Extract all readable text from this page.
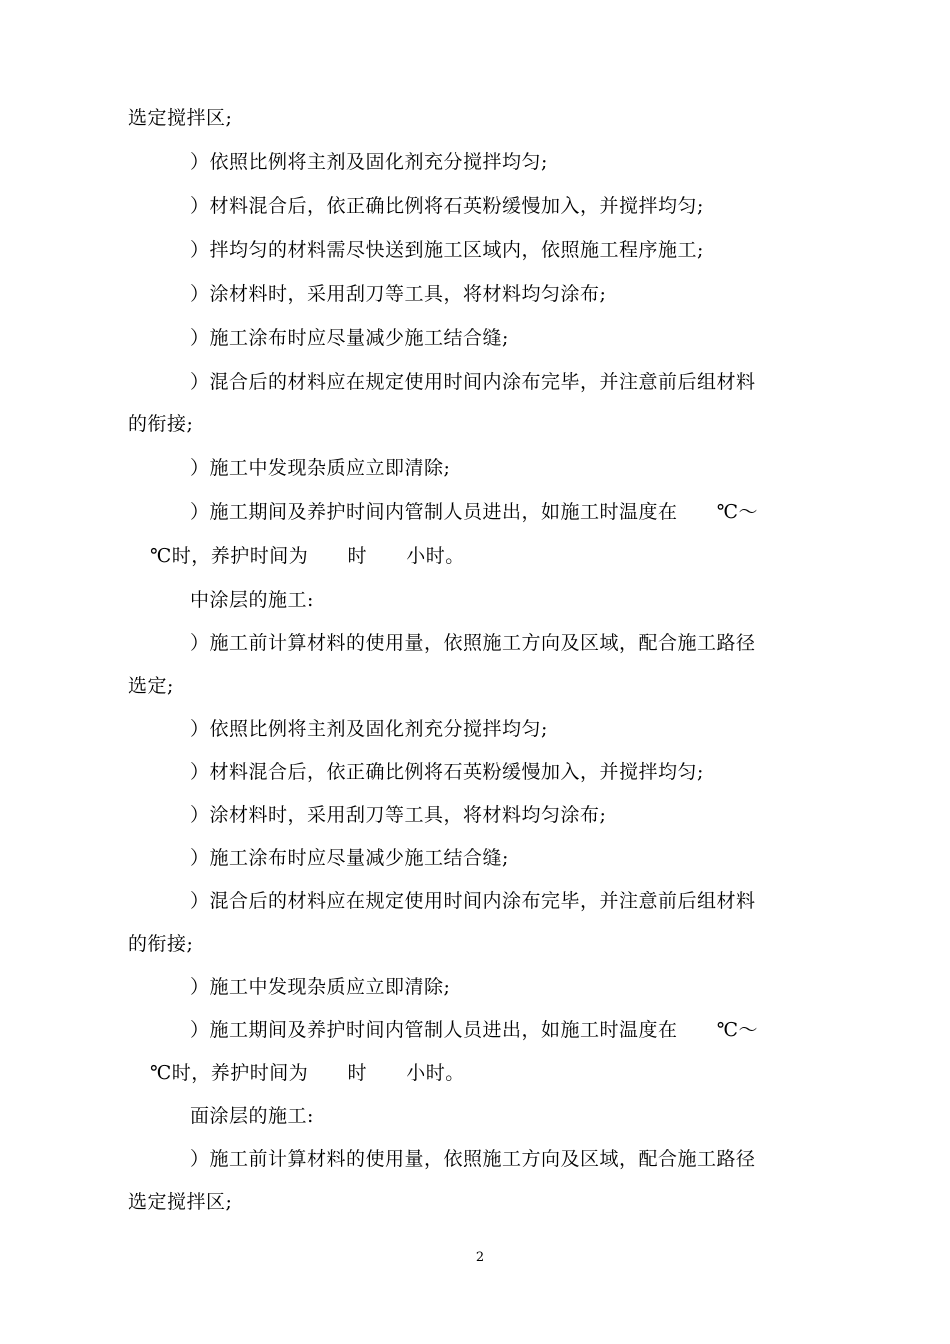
选定搅拌区;
）依照比例将主剂及固化剂充分搅拌均匀;
）材料混合后，依正确比例将石英粉缓慢加入，并搅拌均匀;
）拌均匀的材料需尽快送到施工区域内，依照施工程序施工;
）涂材料时，采用刮刀等工具，将材料均匀涂布;
）施工涂布时应尽量减少施工结合缝;
）混合后的材料应在规定使用时间内涂布完毕，并注意前后组材料
的衔接;
）施工中发现杂质应立即清除;
）施工期间及养护时间内管制人员进出，如施工时温度在      ℃～
℃时，养护时间为      时      小时。
中涂层的施工:
）施工前计算材料的使用量，依照施工方向及区域，配合施工路径
选定;
）依照比例将主剂及固化剂充分搅拌均匀;
）材料混合后，依正确比例将石英粉缓慢加入，并搅拌均匀;
）涂材料时，采用刮刀等工具，将材料均匀涂布;
）施工涂布时应尽量减少施工结合缝;
）混合后的材料应在规定使用时间内涂布完毕，并注意前后组材料
的衔接;
）施工中发现杂质应立即清除;
）施工期间及养护时间内管制人员进出，如施工时温度在      ℃～
℃时，养护时间为      时      小时。
面涂层的施工:
）施工前计算材料的使用量，依照施工方向及区域，配合施工路径
选定搅拌区;
2
